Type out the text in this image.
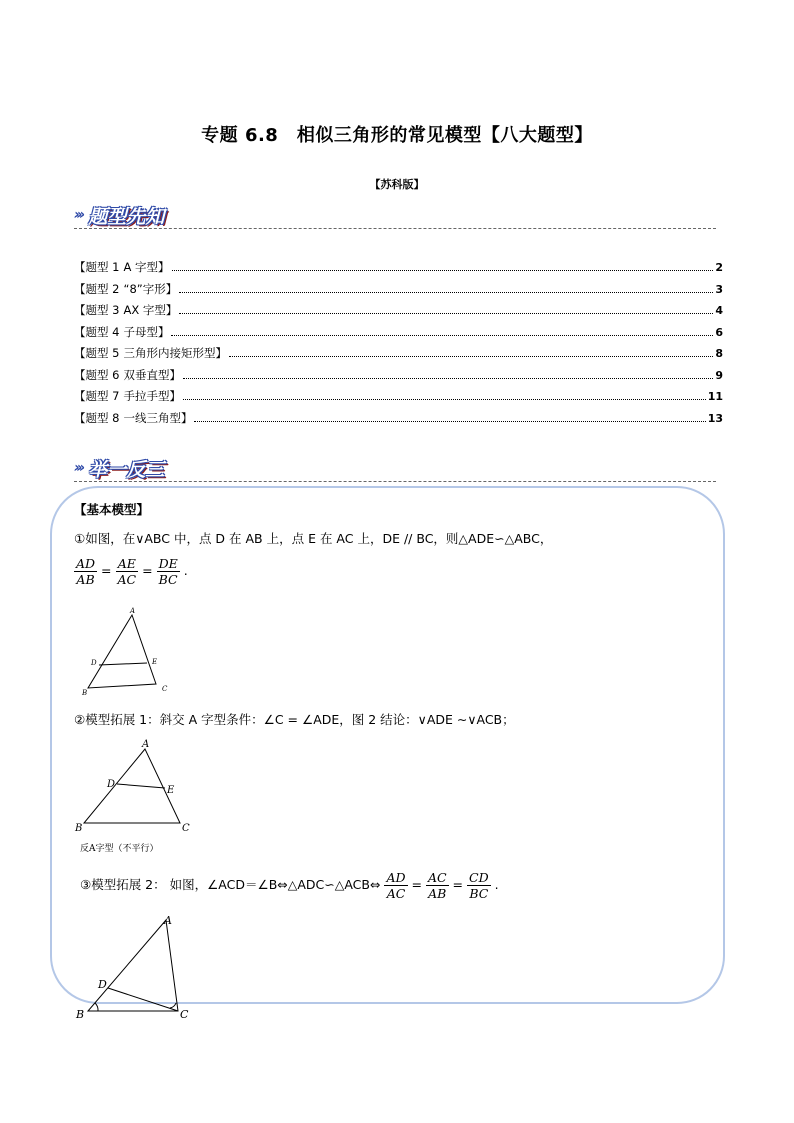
专题 6.8　相似三角形的常见模型【八大题型】
【苏科版】
››› 题型先知
【题型 1 A 字型】	2
【题型 2 “8”字形】	3
【题型 3 AX 字型】	4
【题型 4 子母型】	6
【题型 5 三角形内接矩形型】	8
【题型 6 双垂直型】	9
【题型 7 手拉手型】	11
【题型 8 一线三角型】	13
››› 举一反三
【基本模型】
①如图，在∨ABC 中，点 D 在 AB 上，点 E 在 AC 上，DE // BC，则△ADE∽△ABC，
$\frac{AD}{AB} = \frac{AE}{AC} = \frac{DE}{BC}$ .
A
B	C
D	E
②模型拓展 1：斜交 A 字型条件：∠C = ∠ADE，图 2 结论：∨ADE ∼∨ACB；
A
B	C
D
E
反A字型（不平行）
③模型拓展 2： 如图，∠ACD＝∠B⇔△ADC∽△ACB⇔ $\frac{AD}{AC} = \frac{AC}{AB} = \frac{CD}{BC}$ .
A
B	C
D
